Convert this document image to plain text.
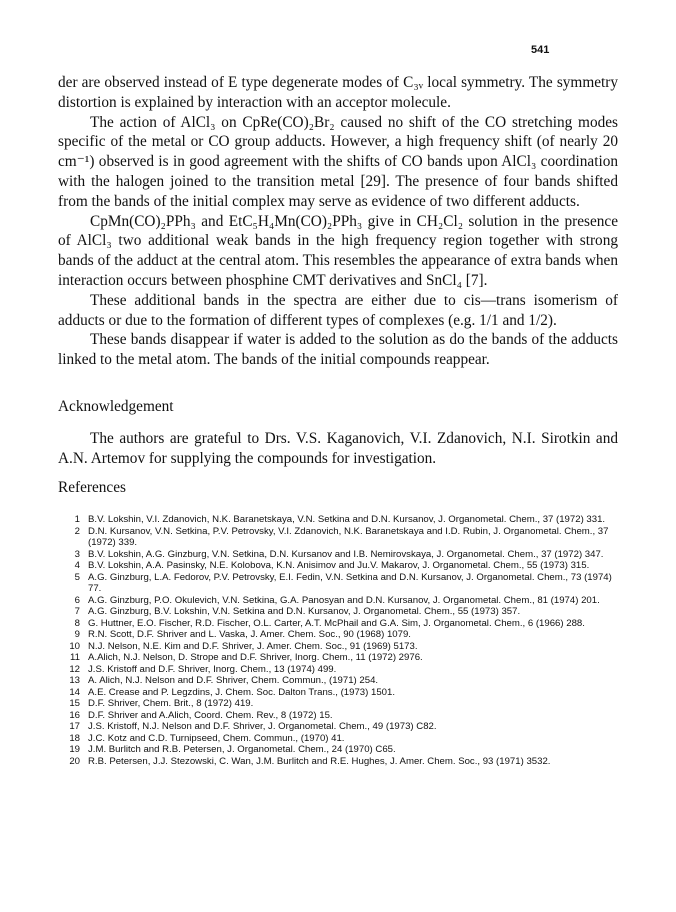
541

der are observed instead of E type degenerate modes of C₃ᵥ local symmetry. The symmetry distortion is explained by interaction with an acceptor molecule.

The action of AlCl₃ on CpRe(CO)₂Br₂ caused no shift of the CO stretching modes specific of the metal or CO group adducts. However, a high frequency shift (of nearly 20 cm⁻¹) observed is in good agreement with the shifts of CO bands upon AlCl₃ coordination with the halogen joined to the transition metal [29]. The presence of four bands shifted from the bands of the initial complex may serve as evidence of two different adducts.

CpMn(CO)₂PPh₃ and EtC₅H₄Mn(CO)₂PPh₃ give in CH₂Cl₂ solution in the presence of AlCl₃ two additional weak bands in the high frequency region together with strong bands of the adduct at the central atom. This resembles the appearance of extra bands when interaction occurs between phosphine CMT derivatives and SnCl₄ [7].

These additional bands in the spectra are either due to cis—trans isomerism of adducts or due to the formation of different types of complexes (e.g. 1/1 and 1/2).

These bands disappear if water is added to the solution as do the bands of the adducts linked to the metal atom. The bands of the initial compounds reappear.

Acknowledgement
The authors are grateful to Drs. V.S. Kaganovich, V.I. Zdanovich, N.I. Sirotkin and A.N. Artemov for supplying the compounds for investigation.
References
1 B.V. Lokshin, V.I. Zdanovich, N.K. Baranetskaya, V.N. Setkina and D.N. Kursanov, J. Organometal. Chem., 37 (1972) 331.
2 D.N. Kursanov, V.N. Setkina, P.V. Petrovsky, V.I. Zdanovich, N.K. Baranetskaya and I.D. Rubin, J. Organometal. Chem., 37 (1972) 339.
3 B.V. Lokshin, A.G. Ginzburg, V.N. Setkina, D.N. Kursanov and I.B. Nemirovskaya, J. Organometal. Chem., 37 (1972) 347.
4 B.V. Lokshin, A.A. Pasinsky, N.E. Kolobova, K.N. Anisimov and Ju.V. Makarov, J. Organometal. Chem., 55 (1973) 315.
5 A.G. Ginzburg, L.A. Fedorov, P.V. Petrovsky, E.I. Fedin, V.N. Setkina and D.N. Kursanov, J. Organometal. Chem., 73 (1974) 77.
6 A.G. Ginzburg, P.O. Okulevich, V.N. Setkina, G.A. Panosyan and D.N. Kursanov, J. Organometal. Chem., 81 (1974) 201.
7 A.G. Ginzburg, B.V. Lokshin, V.N. Setkina and D.N. Kursanov, J. Organometal. Chem., 55 (1973) 357.
8 G. Huttner, E.O. Fischer, R.D. Fischer, O.L. Carter, A.T. McPhail and G.A. Sim, J. Organometal. Chem., 6 (1966) 288.
9 R.N. Scott, D.F. Shriver and L. Vaska, J. Amer. Chem. Soc., 90 (1968) 1079.
10 N.J. Nelson, N.E. Kim and D.F. Shriver, J. Amer. Chem. Soc., 91 (1969) 5173.
11 A.Alich, N.J. Nelson, D. Strope and D.F. Shriver, Inorg. Chem., 11 (1972) 2976.
12 J.S. Kristoff and D.F. Shriver, Inorg. Chem., 13 (1974) 499.
13 A. Alich, N.J. Nelson and D.F. Shriver, Chem. Commun., (1971) 254.
14 A.E. Crease and P. Legzdins, J. Chem. Soc. Dalton Trans., (1973) 1501.
15 D.F. Shriver, Chem. Brit., 8 (1972) 419.
16 D.F. Shriver and A.Alich, Coord. Chem. Rev., 8 (1972) 15.
17 J.S. Kristoff, N.J. Nelson and D.F. Shriver, J. Organometal. Chem., 49 (1973) C82.
18 J.C. Kotz and C.D. Turnipseed, Chem. Commun., (1970) 41.
19 J.M. Burlitch and R.B. Petersen, J. Organometal. Chem., 24 (1970) C65.
20 R.B. Petersen, J.J. Stezowski, C. Wan, J.M. Burlitch and R.E. Hughes, J. Amer. Chem. Soc., 93 (1971) 3532.
